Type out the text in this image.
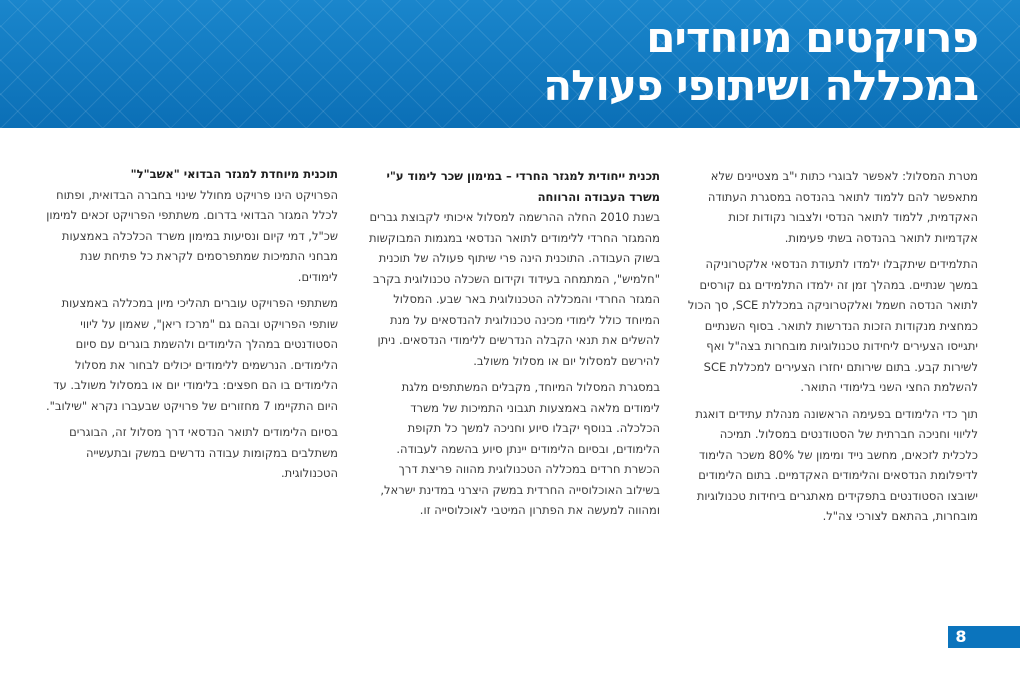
פרויקטים מיוחדים
במכללה ושיתופי פעולה

מטרת המסלול: לאפשר לבוגרי כתות י"ב מצטיינים שלא מתאפשר להם ללמוד לתואר בהנדסה במסגרת העתודה האקדמית, ללמוד לתואר הנדסי ולצבור נקודות זכות אקדמיות לתואר בהנדסה בשתי פעימות.

התלמידים שיתקבלו ילמדו לתעודת הנדסאי אלקטרוניקה במשך שנתיים. במהלך זמן זה ילמדו התלמידים גם קורסים לתואר הנדסה חשמל ואלקטרוניקה במכללת SCE, סך הכול כמחצית מנקודות הזכות הנדרשות לתואר. בסוף השנתיים יתגייסו הצעירים ליחידות טכנולוגיות מובחרות בצה"ל ואף לשירות קבע. בתום שירותם יחזרו הצעירים למכללת SCE להשלמת החצי השני בלימודי התואר.

תוך כדי הלימודים בפעימה הראשונה מנהלת עתידים דואגת לליווי וחניכה חברתית של הסטודנטים במסלול. תמיכה כלכלית לזכאים, מחשב נייד ומימון של 80% משכר הלימוד לדיפלומת הנדסאים והלימודים האקדמיים. בתום הלימודים ישובצו הסטודנטים בתפקידים מאתגרים ביחידות טכנולוגיות מובחרות, בהתאם לצורכי צה"ל.

תכנית ייחודית למגזר החרדי – במימון שכר לימוד ע"י משרד העבודה והרווחה

בשנת 2010 החלה ההרשמה למסלול איכותי לקבוצת גברים מהמגזר החרדי ללימודים לתואר הנדסאי במגמות המבוקשות בשוק העבודה. התוכנית הינה פרי שיתוף פעולה של תוכנית "חלמיש", המתמחה בעידוד וקידום השכלה טכנולוגית בקרב המגזר החרדי והמכללה הטכנולוגית באר שבע. המסלול המיוחד כולל לימודי מכינה טכנולוגית להנדסאים על מנת להשלים את תנאי הקבלה הנדרשים ללימודי הנדסאים. ניתן להירשם למסלול יום או מסלול משולב.

במסגרת המסלול המיוחד, מקבלים המשתתפים מלגת לימודים מלאה באמצעות תגבוני התמיכות של משרד הכלכלה. בנוסף יקבלו סיוע וחניכה למשך כל תקופת הלימודים, ובסיום הלימודים יינתן סיוע בהשמה לעבודה. הכשרת חרדים במכללה הטכנולוגית מהווה פריצת דרך בשילוב האוכלוסייה החרדית במשק היצרני במדינת ישראל, ומהווה למעשה את הפתרון המיטבי לאוכלוסייה זו.

תוכנית מיוחדת למגזר הבדואי "אשב"ל"

הפרויקט הינו פרויקט מחולל שינוי בחברה הבדואית, ופתוח לכלל המגזר הבדואי בדרום. משתתפי הפרויקט זכאים למימון שכ"ל, דמי קיום ונסיעות במימון משרד הכלכלה באמצעות מבחני התמיכות שמתפרסמים לקראת כל פתיחת שנת לימודים.

משתתפי הפרויקט עוברים תהליכי מיון במכללה באמצעות שותפי הפרויקט ובהם גם "מרכז ריאן", שאמון על ליווי הסטודנטים במהלך הלימודים ולהשמת בוגרים עם סיום הלימודים. הנרשמים ללימודים יכולים לבחור את מסלול הלימודים בו הם חפצים: בלימודי יום או במסלול משולב. עד היום התקיימו 7 מחזורים של פרויקט שבעברו נקרא "שילוב".

בסיום הלימודים לתואר הנדסאי דרך מסלול זה, הבוגרים משתלבים במקומות עבודה נדרשים במשק ובתעשייה הטכנולוגית.

8
